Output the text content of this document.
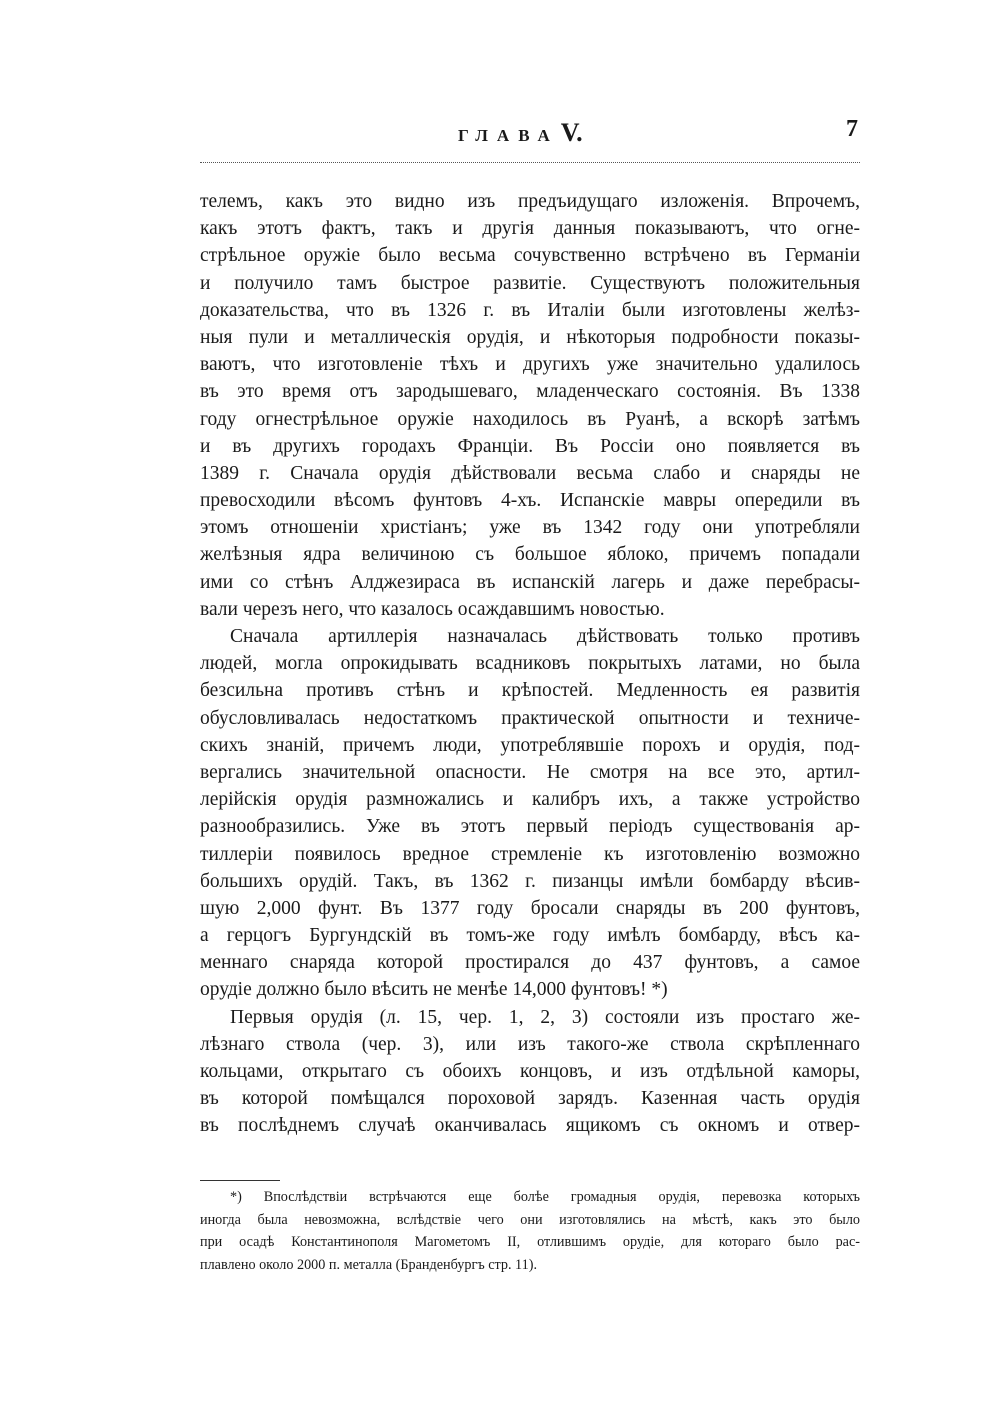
ГЛАВАV.	7
телемъ, какъ это видно изъ предъидущаго изложенія. Впрочемъ,
какъ этотъ фактъ, такъ и другія данныя показываютъ, что огне-
стрѣльное оружіе было весьма сочувственно встрѣчено въ Германіи
и получило тамъ быстрое развитіе. Существуютъ положительныя
доказательства, что въ 1326 г. въ Италіи были изготовлены желѣз-
ныя пули и металлическія орудія, и нѣкоторыя подробности показы-
ваютъ, что изготовленіе тѣхъ и другихъ уже значительно удалилось
въ это время отъ зародышеваго, младенческаго состоянія. Въ 1338
году огнестрѣльное оружіе находилось въ Руанѣ, а вскорѣ затѣмъ
и въ другихъ городахъ Франціи. Въ Россіи оно появляется въ
1389 г. Сначала орудія дѣйствовали весьма слабо и снаряды не
превосходили вѣсомъ фунтовъ 4-хъ. Испанскіе мавры опередили въ
этомъ отношеніи христіанъ; уже въ 1342 году они употребляли
желѣзныя ядра величиною съ большое яблоко, причемъ попадали
ими со стѣнъ Алджезираса въ испанскій лагерь и даже перебрасы-
вали черезъ него, что казалось осаждавшимъ новостью.
Сначала артиллерія назначалась дѣйствовать только противъ
людей, могла опрокидывать всадниковъ покрытыхъ латами, но была
безсильна противъ стѣнъ и крѣпостей. Медленность ея развитія
обусловливалась недостаткомъ практической опытности и техниче-
скихъ знаній, причемъ люди, употреблявшіе порохъ и орудія, под-
вергались значительной опасности. Не смотря на все это, артил-
лерійскія орудія размножались и калибръ ихъ, а также устройство
разнообразились. Уже въ этотъ первый періодъ существованія ар-
тиллеріи появилось вредное стремленіе къ изготовленію возможно
большихъ орудій. Такъ, въ 1362 г. пизанцы имѣли бомбарду вѣсив-
шую 2,000 фунт. Въ 1377 году бросали снаряды въ 200 фунтовъ,
а герцогъ Бургундскій въ томъ-же году имѣлъ бомбарду, вѣсъ ка-
меннаго снаряда которой простирался до 437 фунтовъ, а самое
орудіе должно было вѣсить не менѣе 14,000 фунтовъ! *)
Первыя орудія (л. 15, чер. 1, 2, 3) состояли изъ простаго же-
лѣзнаго ствола (чер. 3), или изъ такого-же ствола скрѣпленнаго
кольцами, открытаго съ обоихъ концовъ, и изъ отдѣльной каморы,
въ которой помѣщался пороховой зарядъ. Казенная часть орудія
въ послѣднемъ случаѣ оканчивалась ящикомъ съ окномъ и отвер-
*) Впослѣдствіи встрѣчаются еще болѣе громадныя орудія, перевозка которыхъ
иногда была невозможна, вслѣдствіе чего они изготовлялись на мѣстѣ, какъ это было
при осадѣ Константинополя Магометомъ II, отлившимъ орудіе, для котораго было рас-
плавлено около 2000 п. металла (Бранденбургъ стр. 11).
